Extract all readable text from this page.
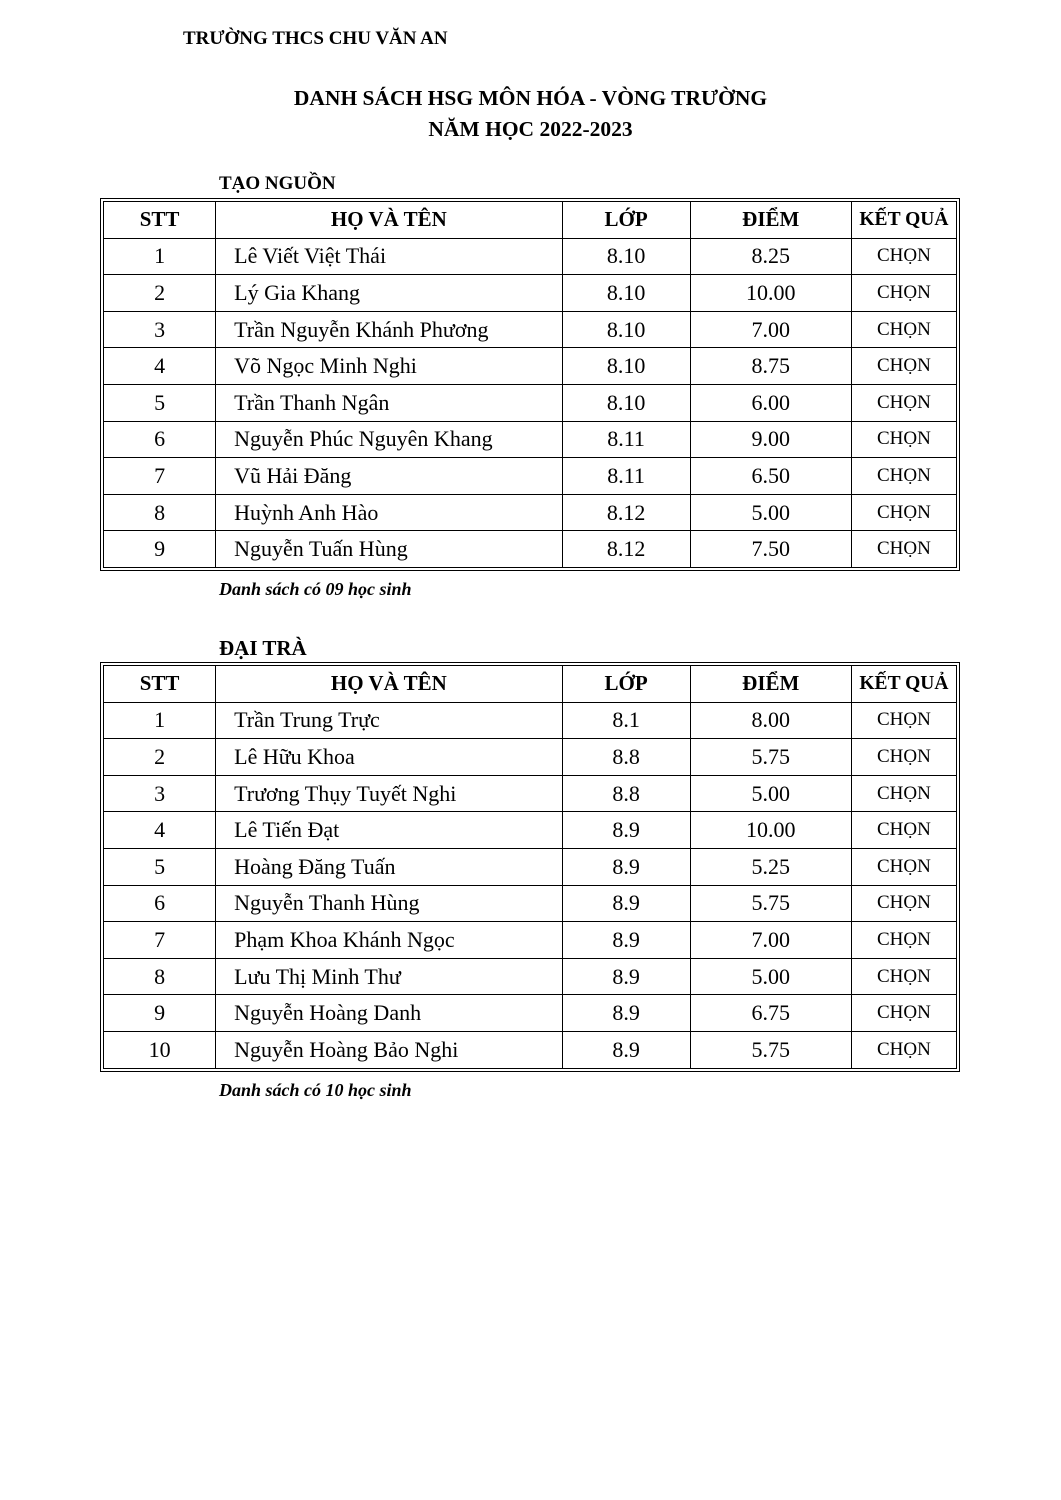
TRƯỜNG THCS CHU VĂN AN
DANH SÁCH HSG MÔN HÓA - VÒNG TRƯỜNG
NĂM HỌC 2022-2023
TẠO NGUỒN
STT	HỌ VÀ TÊN	LỚP	ĐIỂM	KẾT QUẢ
1	Lê Viết Việt Thái	8.10	8.25	CHỌN
2	Lý Gia Khang	8.10	10.00	CHỌN
3	Trần Nguyễn Khánh Phương	8.10	7.00	CHỌN
4	Võ Ngọc Minh Nghi	8.10	8.75	CHỌN
5	Trần Thanh Ngân	8.10	6.00	CHỌN
6	Nguyễn Phúc Nguyên Khang	8.11	9.00	CHỌN
7	Vũ Hải Đăng	8.11	6.50	CHỌN
8	Huỳnh Anh Hào	8.12	5.00	CHỌN
9	Nguyễn Tuấn Hùng	8.12	7.50	CHỌN
Danh sách có 09 học sinh
ĐẠI TRÀ
STT	HỌ VÀ TÊN	LỚP	ĐIỂM	KẾT QUẢ
1	Trần Trung Trực	8.1	8.00	CHỌN
2	Lê Hữu Khoa	8.8	5.75	CHỌN
3	Trương Thụy Tuyết Nghi	8.8	5.00	CHỌN
4	Lê Tiến Đạt	8.9	10.00	CHỌN
5	Hoàng Đăng Tuấn	8.9	5.25	CHỌN
6	Nguyễn Thanh Hùng	8.9	5.75	CHỌN
7	Phạm Khoa Khánh Ngọc	8.9	7.00	CHỌN
8	Lưu Thị Minh Thư	8.9	5.00	CHỌN
9	Nguyễn Hoàng Danh	8.9	6.75	CHỌN
10	Nguyễn Hoàng Bảo Nghi	8.9	5.75	CHỌN
Danh sách có 10 học sinh
